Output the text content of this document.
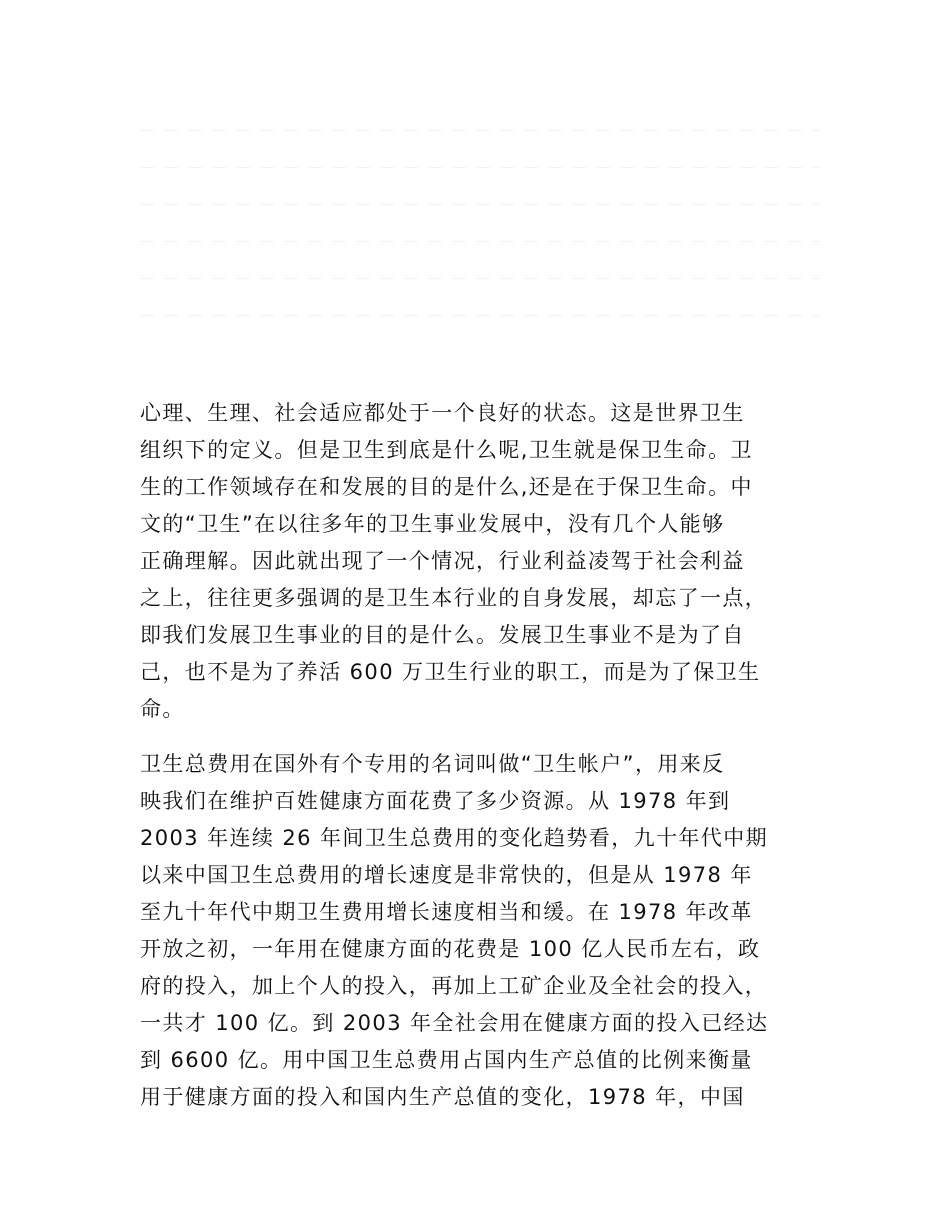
心理、生理、社会适应都处于一个良好的状态。这是世界卫生
组织下的定义。但是卫生到底是什么呢,卫生就是保卫生命。卫
生的工作领域存在和发展的目的是什么,还是在于保卫生命。中
文的“卫生”在以往多年的卫生事业发展中，没有几个人能够
正确理解。因此就出现了一个情况，行业利益凌驾于社会利益
之上，往往更多强调的是卫生本行业的自身发展，却忘了一点，
即我们发展卫生事业的目的是什么。发展卫生事业不是为了自
己，也不是为了养活 600 万卫生行业的职工，而是为了保卫生
命。
卫生总费用在国外有个专用的名词叫做“卫生帐户”，用来反
映我们在维护百姓健康方面花费了多少资源。从 1978 年到
2003 年连续 26 年间卫生总费用的变化趋势看，九十年代中期
以来中国卫生总费用的增长速度是非常快的，但是从 1978 年
至九十年代中期卫生费用增长速度相当和缓。在 1978 年改革
开放之初，一年用在健康方面的花费是 100 亿人民币左右，政
府的投入，加上个人的投入，再加上工矿企业及全社会的投入，
一共才 100 亿。到 2003 年全社会用在健康方面的投入已经达
到 6600 亿。用中国卫生总费用占国内生产总值的比例来衡量
用于健康方面的投入和国内生产总值的变化，1978 年，中国
